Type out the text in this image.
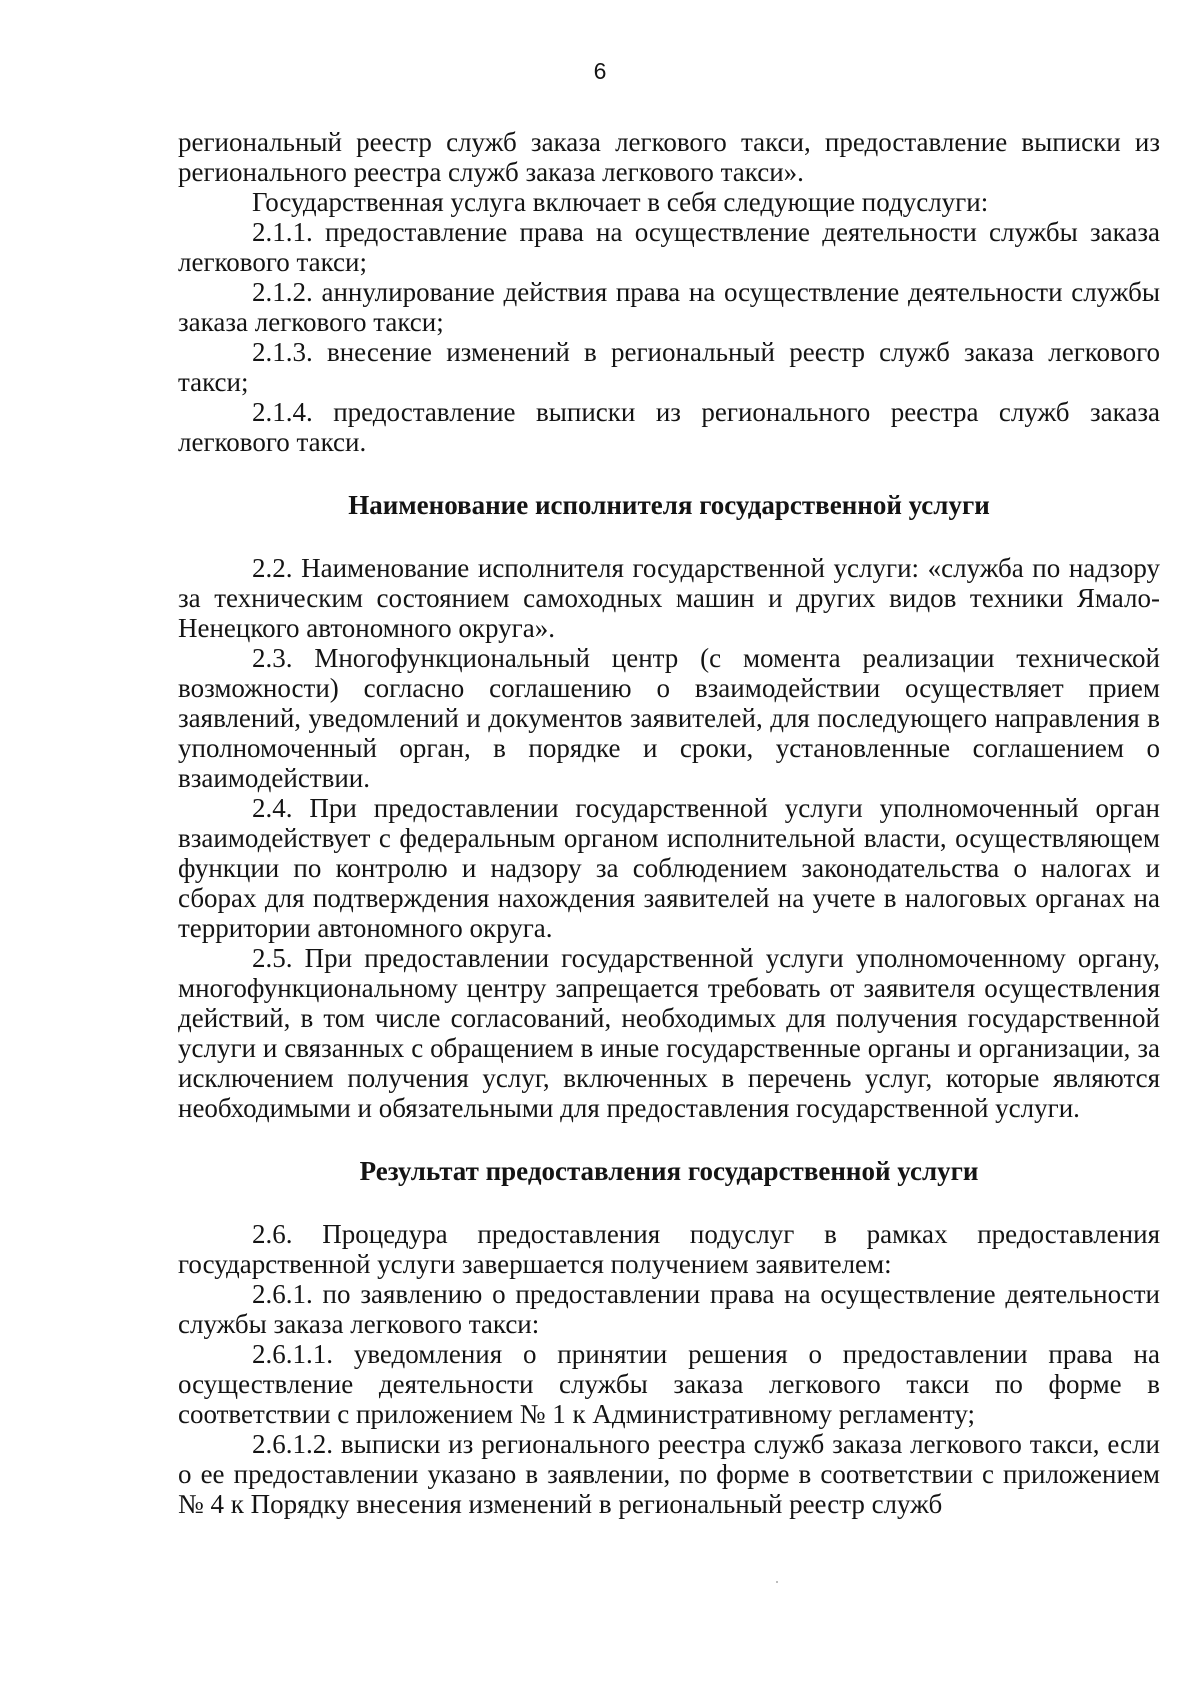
6

региональный реестр служб заказа легкового такси, предоставление выписки из регионального реестра служб заказа легкового такси».

Государственная услуга включает в себя следующие подуслуги:

2.1.1. предоставление права на осуществление деятельности службы заказа легкового такси;

2.1.2. аннулирование действия права на осуществление деятельности службы заказа легкового такси;

2.1.3. внесение изменений в региональный реестр служб заказа легкового такси;

2.1.4. предоставление выписки из регионального реестра служб заказа легкового такси.

Наименование исполнителя государственной услуги

2.2. Наименование исполнителя государственной услуги: «служба по надзору за техническим состоянием самоходных машин и других видов техники Ямало-Ненецкого автономного округа».

2.3. Многофункциональный центр (с момента реализации технической возможности) согласно соглашению о взаимодействии осуществляет прием заявлений, уведомлений и документов заявителей, для последующего направления в уполномоченный орган, в порядке и сроки, установленные соглашением о взаимодействии.

2.4. При предоставлении государственной услуги уполномоченный орган взаимодействует с федеральным органом исполнительной власти, осуществляющем функции по контролю и надзору за соблюдением законодательства о налогах и сборах для подтверждения нахождения заявителей на учете в налоговых органах на территории автономного округа.

2.5. При предоставлении государственной услуги уполномоченному органу, многофункциональному центру запрещается требовать от заявителя осуществления действий, в том числе согласований, необходимых для получения государственной услуги и связанных с обращением в иные государственные органы и организации, за исключением получения услуг, включенных в перечень услуг, которые являются необходимыми и обязательными для предоставления государственной услуги.

Результат предоставления государственной услуги

2.6. Процедура предоставления подуслуг в рамках предоставления государственной услуги завершается получением заявителем:

2.6.1. по заявлению о предоставлении права на осуществление деятельности службы заказа легкового такси:

2.6.1.1. уведомления о принятии решения о предоставлении права на осуществление деятельности службы заказа легкового такси по форме в соответствии с приложением № 1 к Административному регламенту;

2.6.1.2. выписки из регионального реестра служб заказа легкового такси, если о ее предоставлении указано в заявлении, по форме в соответствии с приложением № 4 к Порядку внесения изменений в региональный реестр служб
